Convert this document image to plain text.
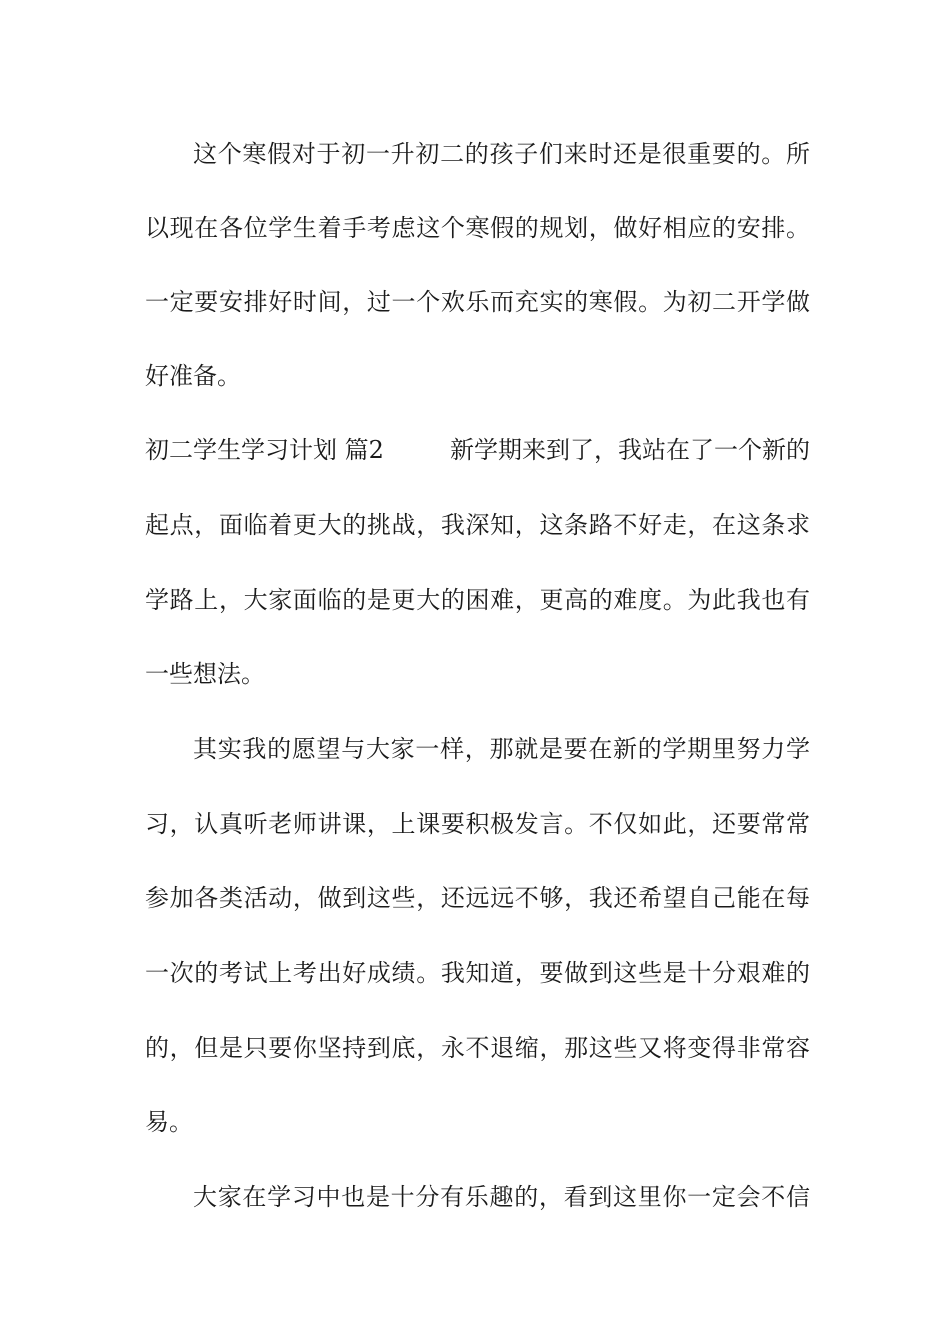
这个寒假对于初一升初二的孩子们来时还是很重要的。所
以现在各位学生着手考虑这个寒假的规划，做好相应的安排。
一定要安排好时间，过一个欢乐而充实的寒假。为初二开学做
好准备。
初二学生学习计划 篇2	新学期来到了，我站在了一个新的
起点，面临着更大的挑战，我深知，这条路不好走，在这条求
学路上，大家面临的是更大的困难，更高的难度。为此我也有
一些想法。
其实我的愿望与大家一样，那就是要在新的学期里努力学
习，认真听老师讲课，上课要积极发言。不仅如此，还要常常
参加各类活动，做到这些，还远远不够，我还希望自己能在每
一次的考试上考出好成绩。我知道，要做到这些是十分艰难的
的，但是只要你坚持到底，永不退缩，那这些又将变得非常容
易。
大家在学习中也是十分有乐趣的，看到这里你一定会不信
